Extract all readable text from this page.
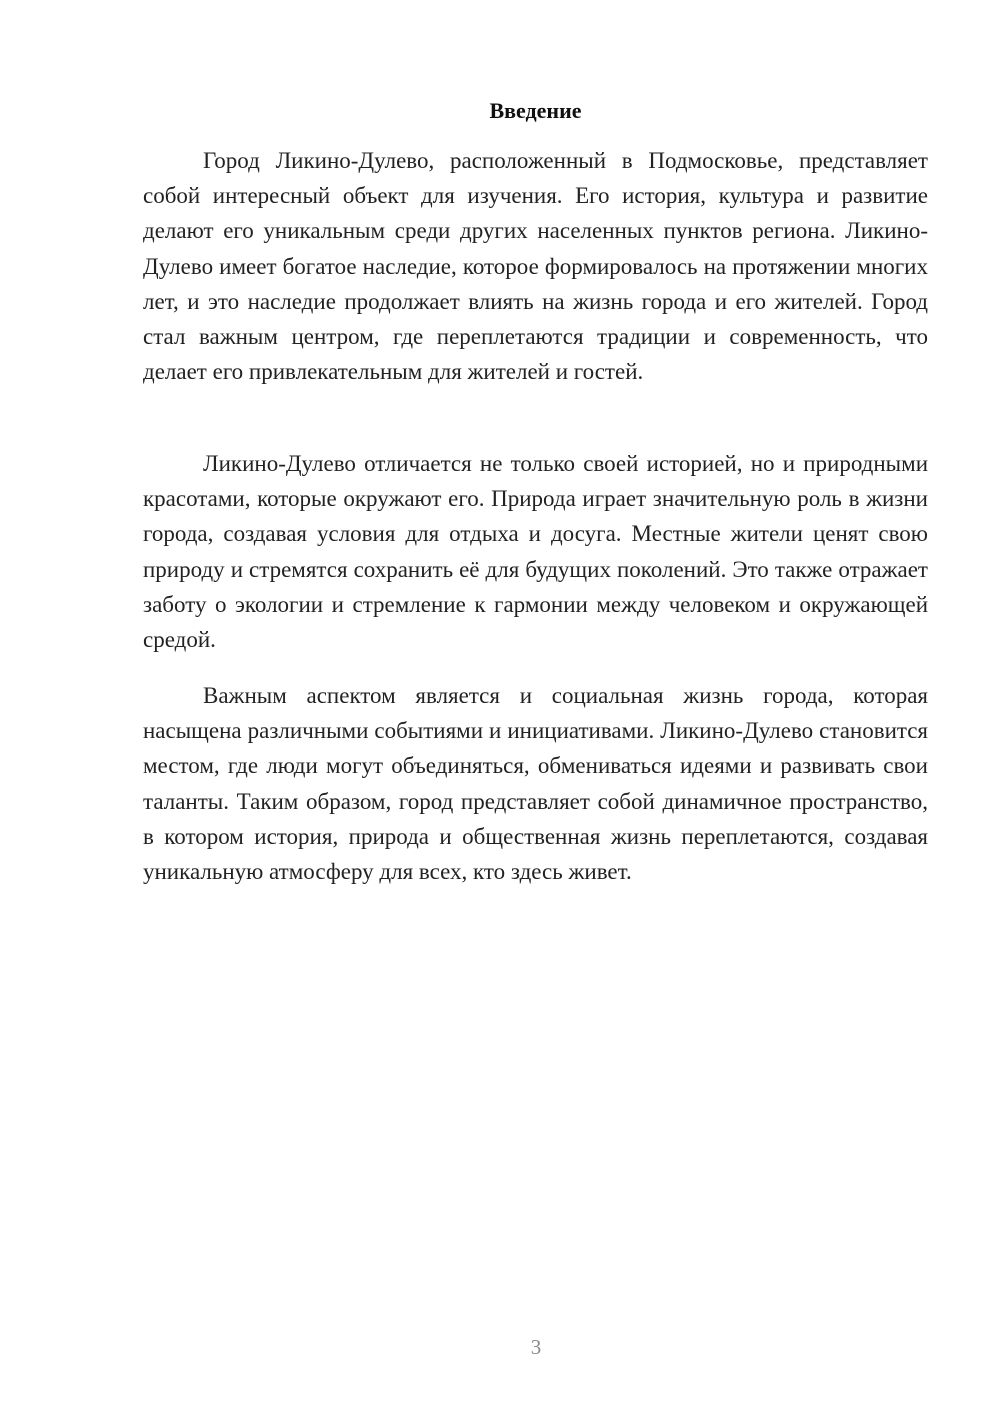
Введение

Город Ликино-Дулево, расположенный в Подмосковье, представляет собой интересный объект для изучения. Его история, культура и развитие делают его уникальным среди других населенных пунктов региона. Ликино-Дулево имеет богатое наследие, которое формировалось на протяжении многих лет, и это наследие продолжает влиять на жизнь города и его жителей. Город стал важным центром, где переплетаются традиции и современность, что делает его привлекательным для жителей и гостей.

Ликино-Дулево отличается не только своей историей, но и природными красотами, которые окружают его. Природа играет значительную роль в жизни города, создавая условия для отдыха и досуга. Местные жители ценят свою природу и стремятся сохранить её для будущих поколений. Это также отражает заботу о экологии и стремление к гармонии между человеком и окружающей средой.

Важным аспектом является и социальная жизнь города, которая насыщена различными событиями и инициативами. Ликино-Дулево становится местом, где люди могут объединяться, обмениваться идеями и развивать свои таланты. Таким образом, город представляет собой динамичное пространство, в котором история, природа и общественная жизнь переплетаются, создавая уникальную атмосферу для всех, кто здесь живет.

3
